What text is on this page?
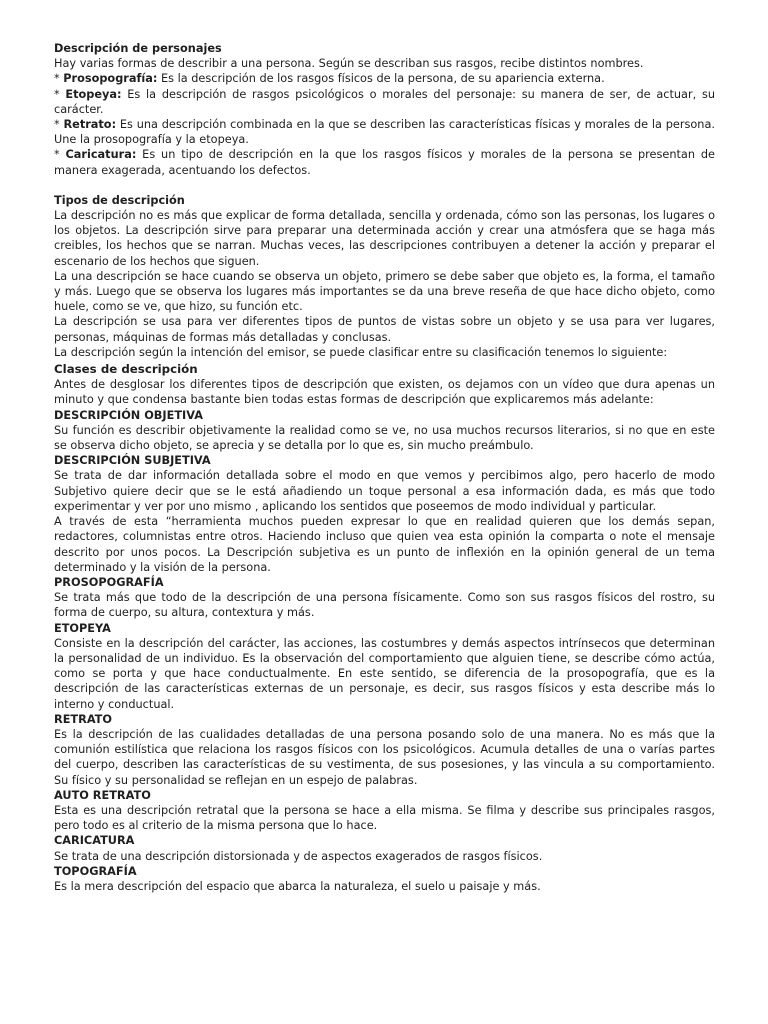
Descripción de personajes

Hay varias formas de describir a una persona. Según se describan sus rasgos, recibe distintos nombres.

* Prosopografía: Es la descripción de los rasgos físicos de la persona, de su apariencia externa.

* Etopeya: Es la descripción de rasgos psicológicos o morales del personaje: su manera de ser, de actuar, su carácter.

* Retrato: Es una descripción combinada en la que se describen las características físicas y morales de la persona. Une la prosopografía y la etopeya.

* Caricatura: Es un tipo de descripción en la que los rasgos físicos y morales de la persona se presentan de manera exagerada, acentuando los defectos.

Tipos de descripción

La descripción no es más que explicar de forma detallada, sencilla y ordenada, cómo son las personas, los lugares o los objetos. La descripción sirve para preparar una determinada acción y crear una atmósfera que se haga más creibles, los hechos que se narran. Muchas veces, las descripciones contribuyen a detener la acción y preparar el escenario de los hechos que siguen.

La una descripción se hace cuando se observa un objeto, primero se debe saber que objeto es, la forma, el tamaño y más. Luego que se observa los lugares más importantes se da una breve reseña de que hace dicho objeto, como huele, como se ve, que hizo, su función etc.

La descripción se usa para ver diferentes tipos de puntos de vistas sobre un objeto y se usa para ver lugares, personas, máquinas de formas más detalladas y conclusas.

La descripción según la intención del emisor, se puede clasificar entre su clasificación tenemos lo siguiente:

Clases de descripción

Antes de desglosar los diferentes tipos de descripción que existen, os dejamos con un vídeo que dura apenas un minuto y que condensa bastante bien todas estas formas de descripción que explicaremos más adelante:

DESCRIPCIÓN OBJETIVA

Su función es describir objetivamente la realidad como se ve, no usa muchos recursos literarios, si no que en este se observa dicho objeto, se aprecia y se detalla por lo que es, sin mucho preámbulo.

DESCRIPCIÓN SUBJETIVA

Se trata de dar información detallada sobre el modo en que vemos y percibimos algo, pero hacerlo de modo Subjetivo quiere decir que se le está añadiendo un toque personal a esa información dada, es más que todo experimentar y ver por uno mismo , aplicando los sentidos que poseemos de modo individual y particular.

A través de esta “herramienta muchos pueden expresar lo que en realidad quieren que los demás sepan, redactores, columnistas entre otros. Haciendo incluso que quien vea esta opinión la comparta o note el mensaje descrito por unos pocos. La Descripción subjetiva es un punto de inflexión en la opinión general de un tema determinado y la visión de la persona.

PROSOPOGRAFÍA

Se trata más que todo de la descripción de una persona físicamente. Como son sus rasgos físicos del rostro, su forma de cuerpo, su altura, contextura y más.

ETOPEYA

Consiste en la descripción del carácter, las acciones, las costumbres y demás aspectos intrínsecos que determinan la personalidad de un individuo. Es la observación del comportamiento que alguien tiene, se describe cómo actúa, como se porta y que hace conductualmente. En este sentido, se diferencia de la prosopografía, que es la descripción de las características externas de un personaje, es decir, sus rasgos físicos y esta describe más lo interno y conductual.

RETRATO

Es la descripción de las cualidades detalladas de una persona posando solo de una manera. No es más que la comunión estilística que relaciona los rasgos físicos con los psicológicos. Acumula detalles de una o varías partes del cuerpo, describen las características de su vestimenta, de sus posesiones, y las vincula a su comportamiento. Su físico y su personalidad se reflejan en un espejo de palabras.

AUTO RETRATO

Esta es una descripción retratal que la persona se hace a ella misma. Se filma y describe sus principales rasgos, pero todo es al criterio de la misma persona que lo hace.

CARICATURA

Se trata de una descripción distorsionada y de aspectos exagerados de rasgos físicos.

TOPOGRAFÍA

Es la mera descripción del espacio que abarca la naturaleza, el suelo u paisaje y más.
